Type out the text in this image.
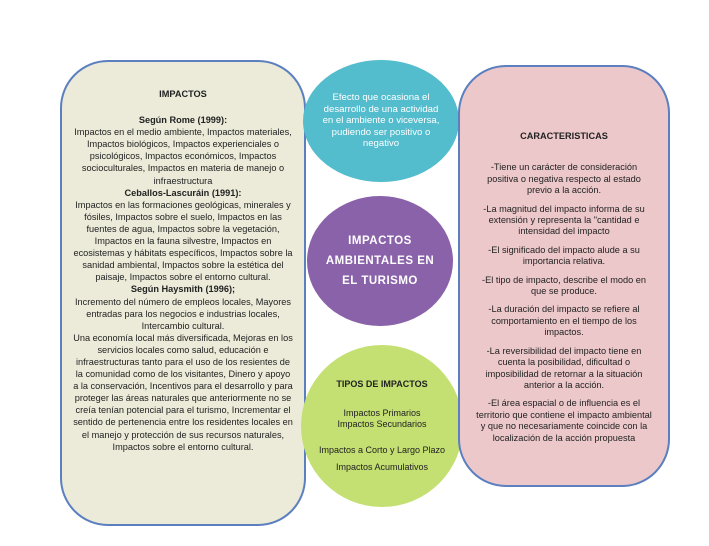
IMPACTOS
Según Rome (1999):
Impactos en el medio ambiente, Impactos materiales, Impactos biológicos, Impactos experienciales o psicológicos, Impactos económicos, Impactos socioculturales, Impactos en materia de manejo o infraestructura
Ceballos-Lascuráin (1991):
Impactos en las formaciones geológicas, minerales y fósiles, Impactos sobre el suelo, Impactos en las fuentes de agua, Impactos sobre la vegetación, Impactos en la fauna silvestre, Impactos en ecosistemas y hábitats específicos, Impactos sobre la sanidad ambiental, Impactos sobre la estética del paisaje, Impactos sobre el entorno cultural.
Según Haysmith (1996);
Incremento del número de empleos locales, Mayores entradas para los negocios e industrias locales, Intercambio cultural.
Una economía local más diversificada, Mejoras en los servicios locales como salud, educación e infraestructuras tanto para el uso de los resientes de la comunidad como de los visitantes, Dinero y apoyo a la conservación, Incentivos para el desarrollo y para proteger las áreas naturales que anteriormente no se creía tenían potencial para el turismo, Incrementar el sentido de pertenencia entre los residentes locales en el manejo y protección de sus recursos naturales, Impactos sobre el entorno cultural.
Efecto que ocasiona el desarrollo de una actividad en el ambiente o viceversa, pudiendo ser positivo o negativo
IMPACTOS AMBIENTALES EN EL TURISMO
TIPOS DE IMPACTOS
Impactos Primarios
Impactos Secundarios
Impactos a Corto y Largo Plazo
Impactos Acumulativos
CARACTERISTICAS
-Tiene un carácter de consideración positiva o negativa respecto al estado previo a la acción.
-La magnitud del impacto informa de su extensión y representa la "cantidad e intensidad del impacto
-El significado del impacto alude a su importancia relativa.
-El tipo de impacto, describe el modo en que se produce.
-La duración del impacto se refiere al comportamiento en el tiempo de los impactos.
-La reversibilidad del impacto tiene en cuenta la posibilidad, dificultad o imposibilidad de retornar a la situación anterior a la acción.
-El área espacial o de influencia es el territorio que contiene el impacto ambiental y que no necesariamente coincide con la localización de la acción propuesta
